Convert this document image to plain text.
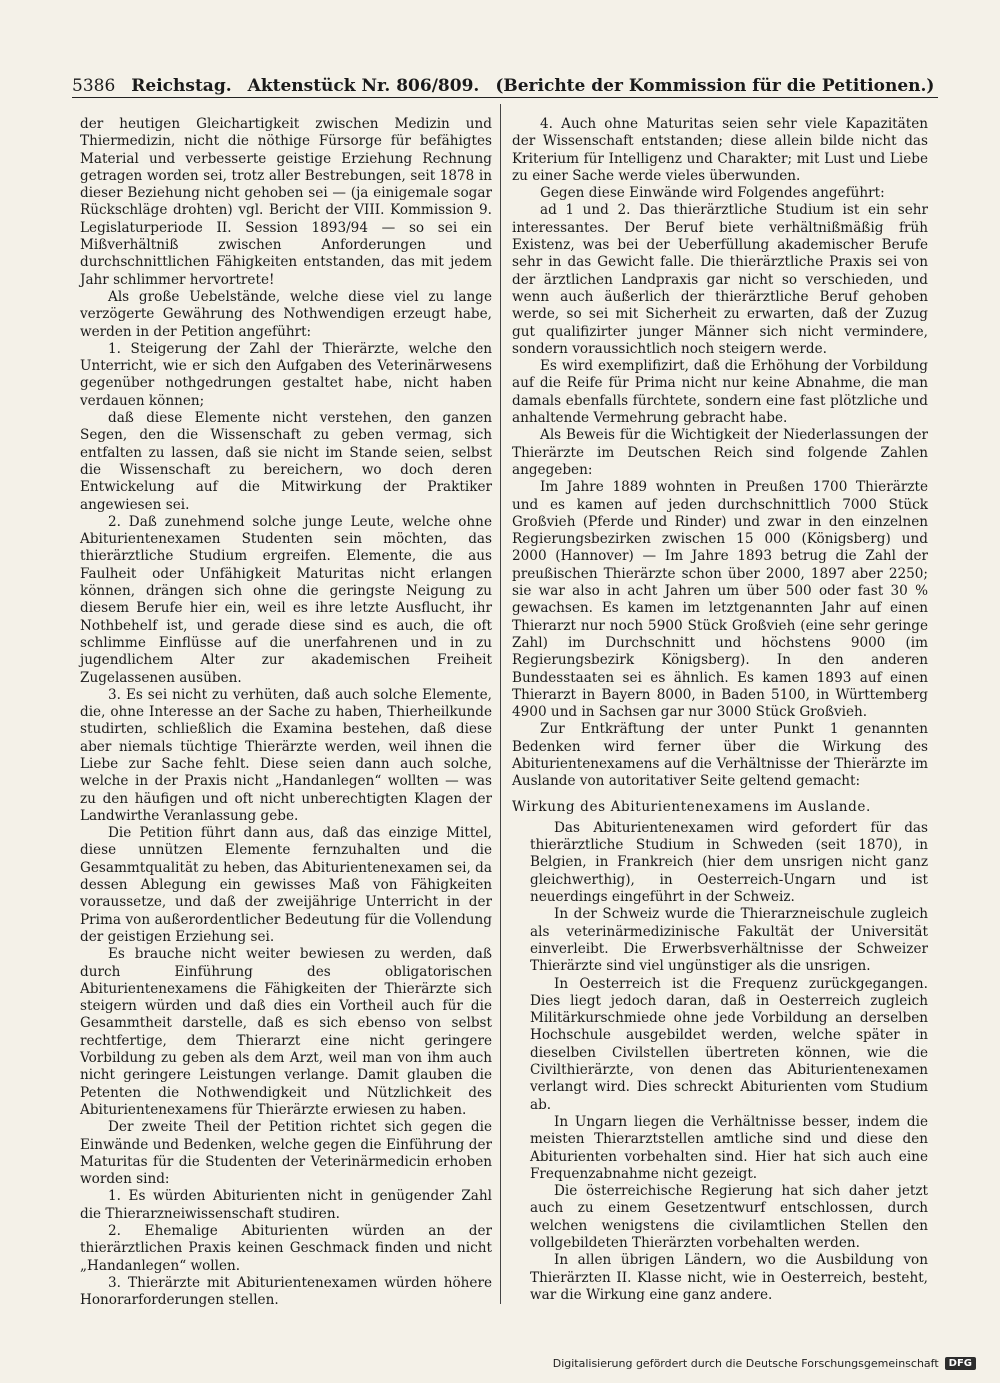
5386 Reichstag. Aktenstück Nr. 806/809. (Berichte der Kommission für die Petitionen.)

der heutigen Gleichartigkeit zwischen Medizin und Thiermedizin, nicht die nöthige Fürsorge für befähigtes Material und verbesserte geistige Erziehung Rechnung getragen worden sei, trotz aller Bestrebungen, seit 1878 in dieser Beziehung nicht gehoben sei — (ja einigemale sogar Rückschläge drohten) vgl. Bericht der VIII. Kommission 9. Legislaturperiode II. Session 1893/94 — so sei ein Mißverhältniß zwischen Anforderungen und durchschnittlichen Fähigkeiten entstanden, das mit jedem Jahr schlimmer hervortrete!

Als große Uebelstände, welche diese viel zu lange verzögerte Gewährung des Nothwendigen erzeugt habe, werden in der Petition angeführt:

1. Steigerung der Zahl der Thierärzte, welche den Unterricht, wie er sich den Aufgaben des Veterinärwesens gegenüber nothgedrungen gestaltet habe, nicht haben verdauen können;

daß diese Elemente nicht verstehen, den ganzen Segen, den die Wissenschaft zu geben vermag, sich entfalten zu lassen, daß sie nicht im Stande seien, selbst die Wissenschaft zu bereichern, wo doch deren Entwickelung auf die Mitwirkung der Praktiker angewiesen sei.

2. Daß zunehmend solche junge Leute, welche ohne Abiturientenexamen Studenten sein möchten, das thierärztliche Studium ergreifen. Elemente, die aus Faulheit oder Unfähigkeit Maturitas nicht erlangen können, drängen sich ohne die geringste Neigung zu diesem Berufe hier ein, weil es ihre letzte Ausflucht, ihr Nothbehelf ist, und gerade diese sind es auch, die oft schlimme Einflüsse auf die unerfahrenen und in zu jugendlichem Alter zur akademischen Freiheit Zugelassenen ausüben.

3. Es sei nicht zu verhüten, daß auch solche Elemente, die, ohne Interesse an der Sache zu haben, Thierheilkunde studirten, schließlich die Examina bestehen, daß diese aber niemals tüchtige Thierärzte werden, weil ihnen die Liebe zur Sache fehlt. Diese seien dann auch solche, welche in der Praxis nicht „Handanlegen“ wollten — was zu den häufigen und oft nicht unberechtigten Klagen der Landwirthe Veranlassung gebe.

Die Petition führt dann aus, daß das einzige Mittel, diese unnützen Elemente fernzuhalten und die Gesammtqualität zu heben, das Abiturientenexamen sei, da dessen Ablegung ein gewisses Maß von Fähigkeiten voraussetze, und daß der zweijährige Unterricht in der Prima von außerordentlicher Bedeutung für die Vollendung der geistigen Erziehung sei.

Es brauche nicht weiter bewiesen zu werden, daß durch Einführung des obligatorischen Abiturientenexamens die Fähigkeiten der Thierärzte sich steigern würden und daß dies ein Vortheil auch für die Gesammtheit darstelle, daß es sich ebenso von selbst rechtfertige, dem Thierarzt eine nicht geringere Vorbildung zu geben als dem Arzt, weil man von ihm auch nicht geringere Leistungen verlange. Damit glauben die Petenten die Nothwendigkeit und Nützlichkeit des Abiturientenexamens für Thierärzte erwiesen zu haben.

Der zweite Theil der Petition richtet sich gegen die Einwände und Bedenken, welche gegen die Einführung der Maturitas für die Studenten der Veterinärmedicin erhoben worden sind:

1. Es würden Abiturienten nicht in genügender Zahl die Thierarzneiwissenschaft studiren.

2. Ehemalige Abiturienten würden an der thierärztlichen Praxis keinen Geschmack finden und nicht „Handanlegen“ wollen.

3. Thierärzte mit Abiturientenexamen würden höhere Honorarforderungen stellen.

4. Auch ohne Maturitas seien sehr viele Kapazitäten der Wissenschaft entstanden; diese allein bilde nicht das Kriterium für Intelligenz und Charakter; mit Lust und Liebe zu einer Sache werde vieles überwunden.

Gegen diese Einwände wird Folgendes angeführt:

ad 1 und 2. Das thierärztliche Studium ist ein sehr interessantes. Der Beruf biete verhältnißmäßig früh Existenz, was bei der Ueberfüllung akademischer Berufe sehr in das Gewicht falle. Die thierärztliche Praxis sei von der ärztlichen Landpraxis gar nicht so verschieden, und wenn auch äußerlich der thierärztliche Beruf gehoben werde, so sei mit Sicherheit zu erwarten, daß der Zuzug gut qualifizirter junger Männer sich nicht vermindere, sondern voraussichtlich noch steigern werde.

Es wird exemplifizirt, daß die Erhöhung der Vorbildung auf die Reife für Prima nicht nur keine Abnahme, die man damals ebenfalls fürchtete, sondern eine fast plötzliche und anhaltende Vermehrung gebracht habe.

Als Beweis für die Wichtigkeit der Niederlassungen der Thierärzte im Deutschen Reich sind folgende Zahlen angegeben:

Im Jahre 1889 wohnten in Preußen 1700 Thierärzte und es kamen auf jeden durchschnittlich 7000 Stück Großvieh (Pferde und Rinder) und zwar in den einzelnen Regierungsbezirken zwischen 15 000 (Königsberg) und 2000 (Hannover) — Im Jahre 1893 betrug die Zahl der preußischen Thierärzte schon über 2000, 1897 aber 2250; sie war also in acht Jahren um über 500 oder fast 30 % gewachsen. Es kamen im letztgenannten Jahr auf einen Thierarzt nur noch 5900 Stück Großvieh (eine sehr geringe Zahl) im Durchschnitt und höchstens 9000 (im Regierungsbezirk Königsberg). In den anderen Bundesstaaten sei es ähnlich. Es kamen 1893 auf einen Thierarzt in Bayern 8000, in Baden 5100, in Württemberg 4900 und in Sachsen gar nur 3000 Stück Großvieh.

Zur Entkräftung der unter Punkt 1 genannten Bedenken wird ferner über die Wirkung des Abiturientenexamens auf die Verhältnisse der Thierärzte im Auslande von autoritativer Seite geltend gemacht:

Wirkung des Abiturientenexamens im Auslande.

Das Abiturientenexamen wird gefordert für das thierärztliche Studium in Schweden (seit 1870), in Belgien, in Frankreich (hier dem unsrigen nicht ganz gleichwerthig), in Oesterreich-Ungarn und ist neuerdings eingeführt in der Schweiz.

In der Schweiz wurde die Thierarzneischule zugleich als veterinärmedizinische Fakultät der Universität einverleibt. Die Erwerbsverhältnisse der Schweizer Thierärzte sind viel ungünstiger als die unsrigen.

In Oesterreich ist die Frequenz zurückgegangen. Dies liegt jedoch daran, daß in Oesterreich zugleich Militärkurschmiede ohne jede Vorbildung an derselben Hochschule ausgebildet werden, welche später in dieselben Civilstellen übertreten können, wie die Civilthierärzte, von denen das Abiturientenexamen verlangt wird. Dies schreckt Abiturienten vom Studium ab.

In Ungarn liegen die Verhältnisse besser, indem die meisten Thierarztstellen amtliche sind und diese den Abiturienten vorbehalten sind. Hier hat sich auch eine Frequenzabnahme nicht gezeigt.

Die österreichische Regierung hat sich daher jetzt auch zu einem Gesetzentwurf entschlossen, durch welchen wenigstens die civilamtlichen Stellen den vollgebildeten Thierärzten vorbehalten werden.

In allen übrigen Ländern, wo die Ausbildung von Thierärzten II. Klasse nicht, wie in Oesterreich, besteht, war die Wirkung eine ganz andere.

Digitalisierung gefördert durch die Deutsche Forschungsgemeinschaft	DFG
